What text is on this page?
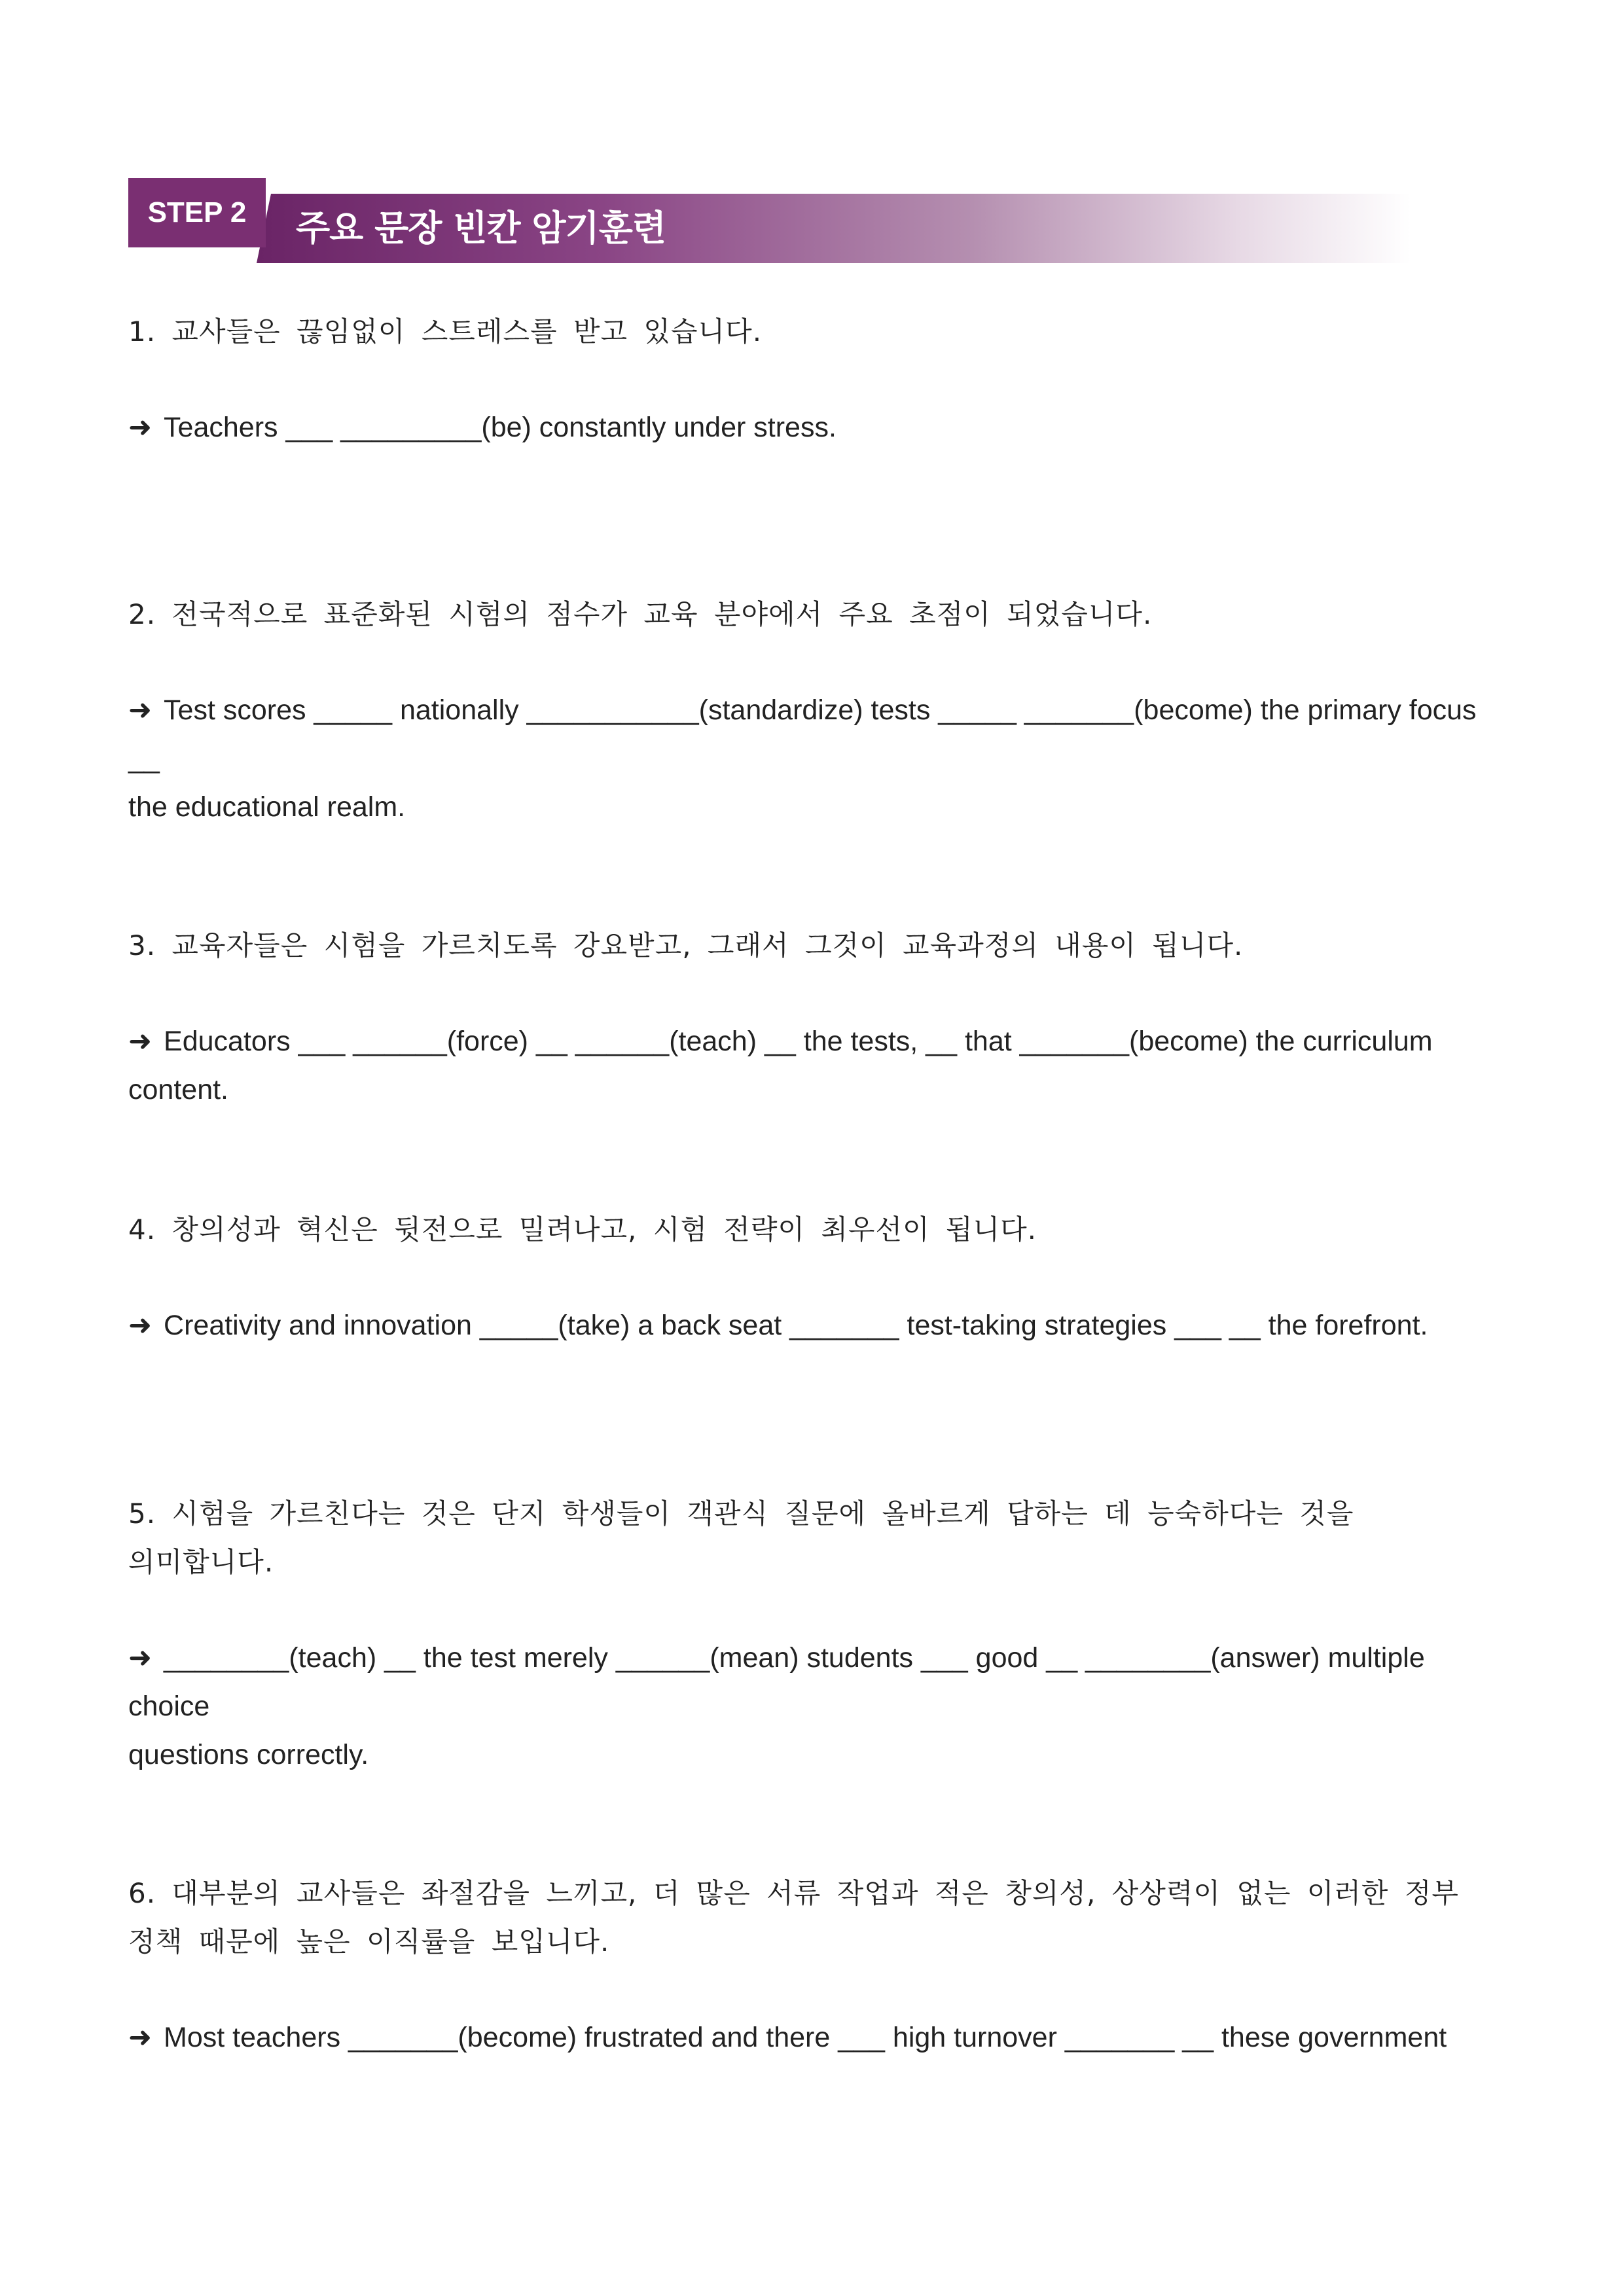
STEP 2	주요 문장 빈칸 암기훈련
1. 교사들은 끊임없이 스트레스를 받고 있습니다.
➜ Teachers ___ _________(be) constantly under stress.
2. 전국적으로 표준화된 시험의 점수가 교육 분야에서 주요 초점이 되었습니다.
➜ Test scores _____ nationally ___________(standardize) tests _____ _______(become) the primary focus __
the educational realm.
3. 교육자들은 시험을 가르치도록 강요받고, 그래서 그것이 교육과정의 내용이 됩니다.
➜ Educators ___ ______(force) __ ______(teach) __ the tests, __ that _______(become) the curriculum content.
4. 창의성과 혁신은 뒷전으로 밀려나고, 시험 전략이 최우선이 됩니다.
➜ Creativity and innovation _____(take) a back seat _______ test-taking strategies ___ __ the forefront.
5. 시험을 가르친다는 것은 단지 학생들이 객관식 질문에 올바르게 답하는 데 능숙하다는 것을
의미합니다.
➜ ________(teach) __ the test merely ______(mean) students ___ good __ ________(answer) multiple choice
questions correctly.
6. 대부분의 교사들은 좌절감을 느끼고, 더 많은 서류 작업과 적은 창의성, 상상력이 없는 이러한 정부
정책 때문에 높은 이직률을 보입니다.
➜ Most teachers _______(become) frustrated and there ___ high turnover _______ __ these government
